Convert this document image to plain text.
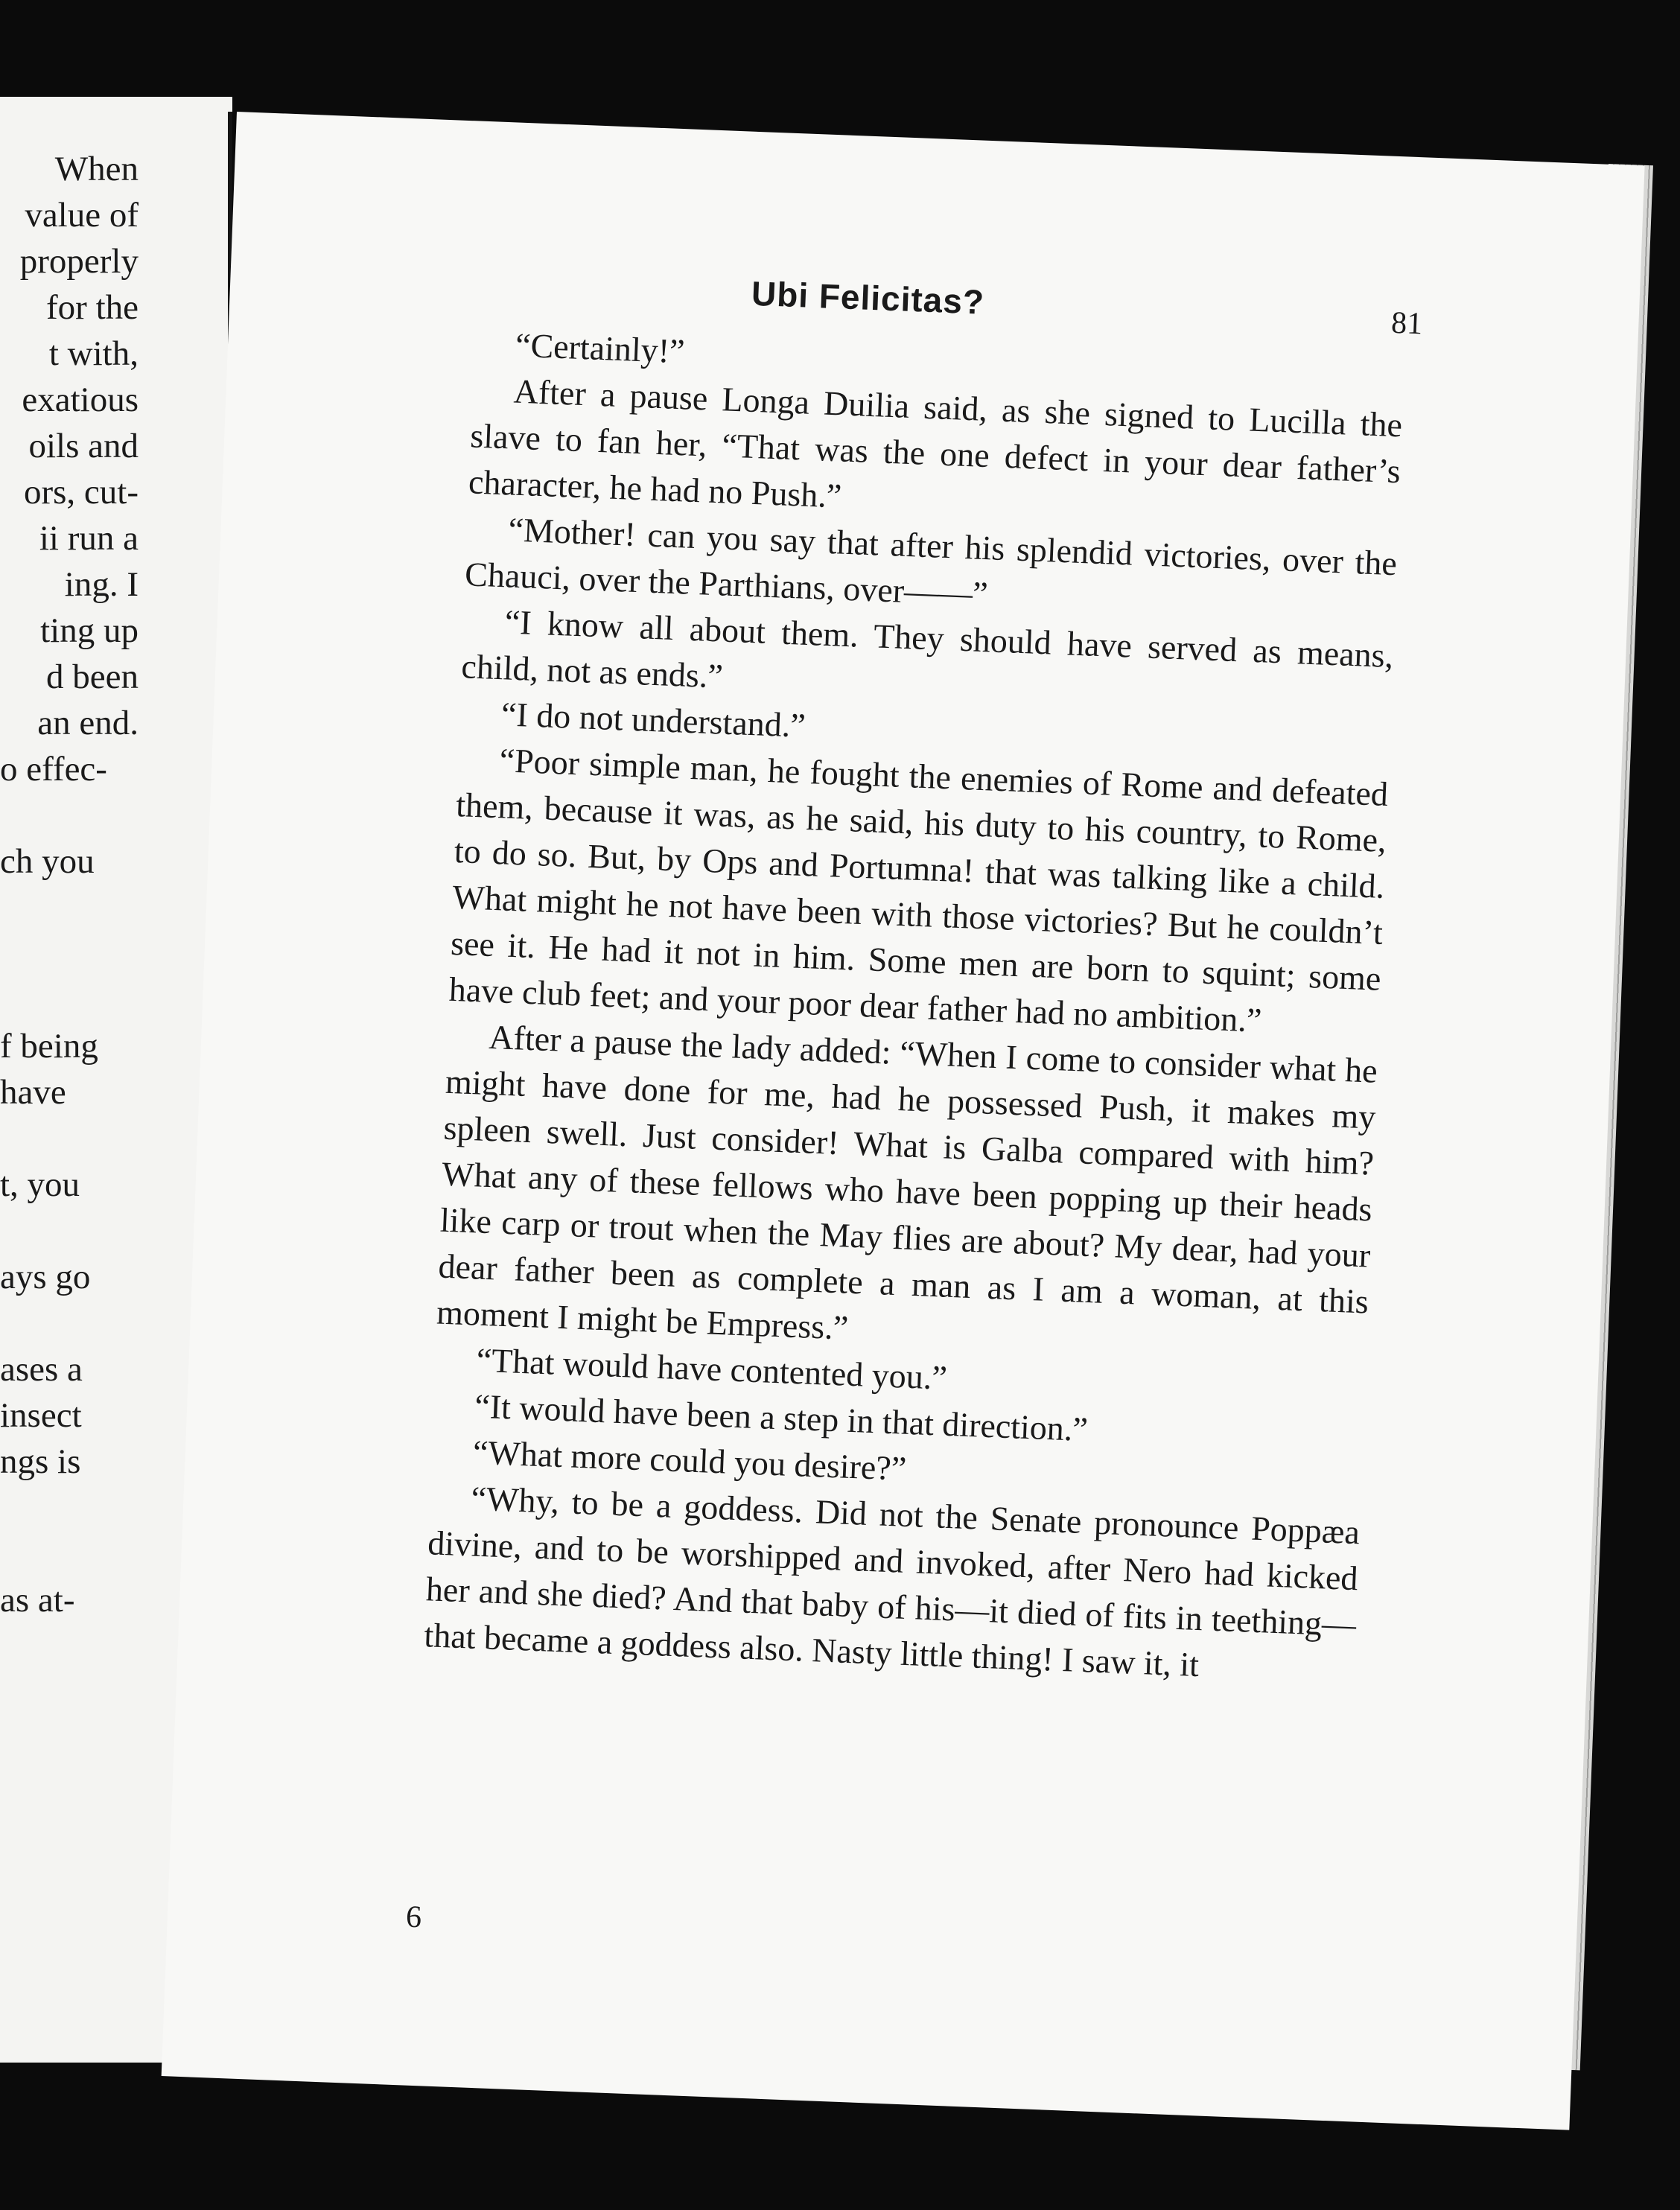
When
value of
properly
for the
t with,
exatious
oils and
ors, cut-
ii run a
ing. I
ting up
d been
an end.
o effec-
ch you
f being
have
t, you
ays go
ases a
insect
ngs is
as at-
Ubi Felicitas?
81

“Certainly!”

After a pause Longa Duilia said, as she signed to Lucilla the slave to fan her, “That was the one defect in your dear father’s character, he had no Push.”

“Mother! can you say that after his splendid victories, over the Chauci, over the Parthians, over——”

“I know all about them. They should have served as means, child, not as ends.”

“I do not understand.”

“Poor simple man, he fought the enemies of Rome and defeated them, because it was, as he said, his duty to his country, to Rome, to do so. But, by Ops and Portumna! that was talking like a child. What might he not have been with those victories? But he couldn’t see it. He had it not in him. Some men are born to squint; some have club feet; and your poor dear father had no ambition.”

After a pause the lady added: “When I come to consider what he might have done for me, had he possessed Push, it makes my spleen swell. Just consider! What is Galba compared with him? What any of these fellows who have been popping up their heads like carp or trout when the May flies are about? My dear, had your dear father been as complete a man as I am a woman, at this moment I might be Empress.”

“That would have contented you.”

“It would have been a step in that direction.”

“What more could you desire?”

“Why, to be a goddess. Did not the Senate pronounce Poppæa divine, and to be worshipped and invoked, after Nero had kicked her and she died? And that baby of his—it died of fits in teething—that became a goddess also. Nasty little thing! I saw it, it

6
